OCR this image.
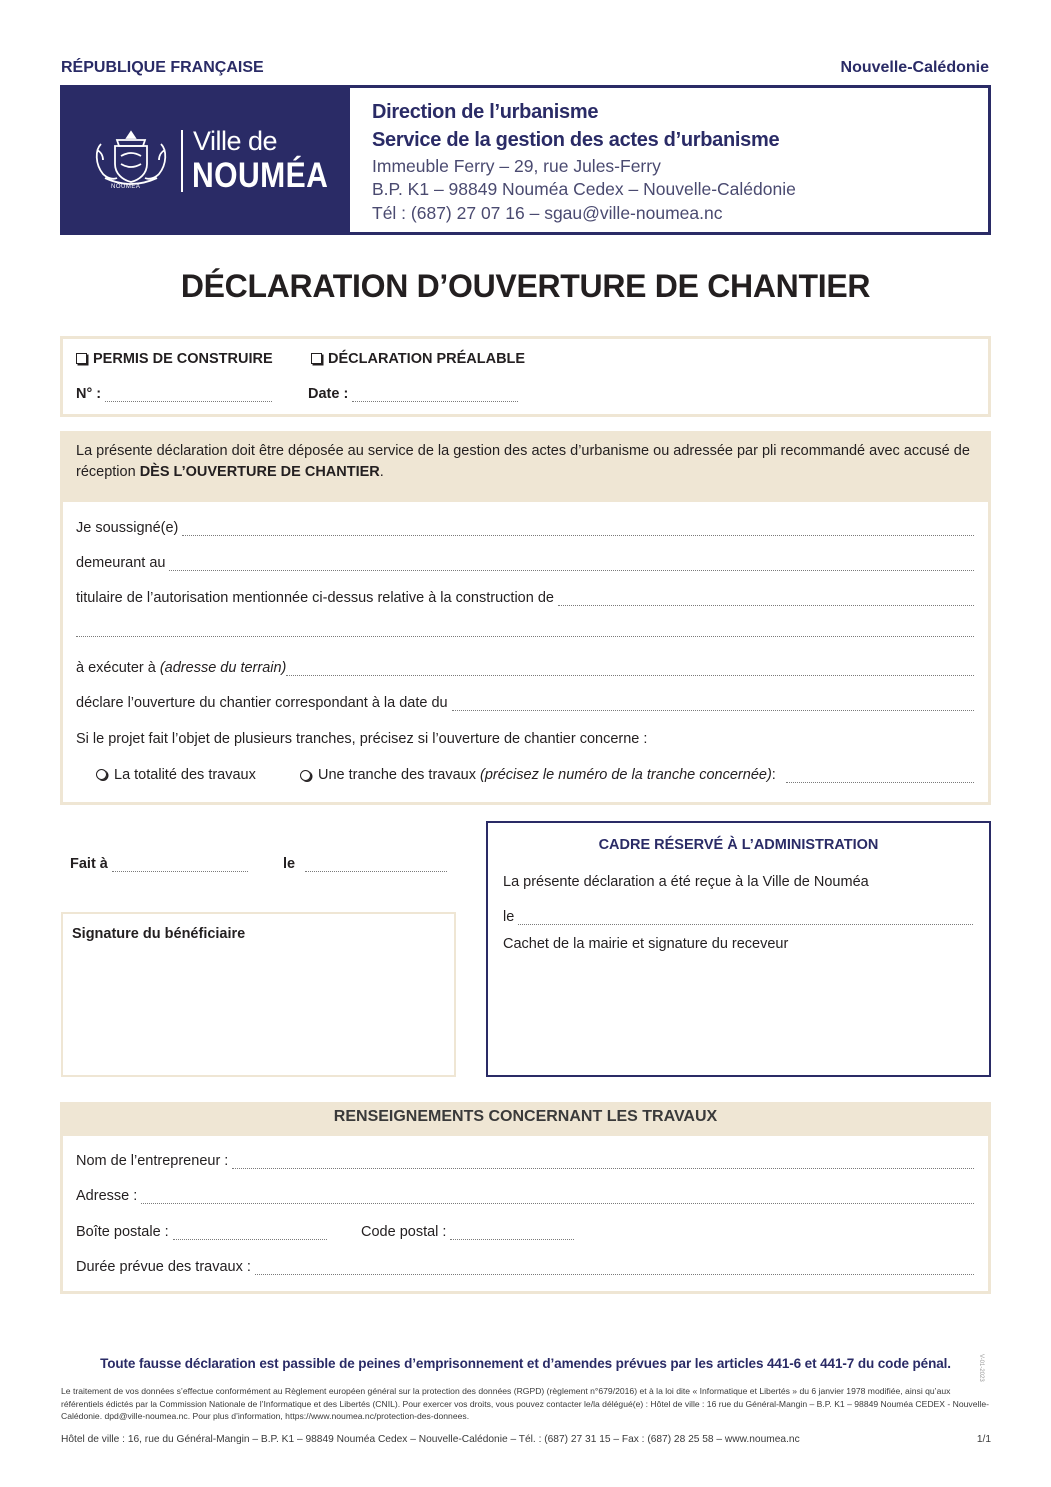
RÉPUBLIQUE FRANÇAISE	Nouvelle-Calédonie
NOUMEA
Ville de
NOUMÉA
Direction de l’urbanisme
Service de la gestion des actes d’urbanisme
Immeuble Ferry – 29, rue Jules-Ferry
B.P. K1 – 98849 Nouméa Cedex – Nouvelle-Calédonie
Tél : (687) 27 07 16 – sgau@ville-noumea.nc
DÉCLARATION D’OUVERTURE DE CHANTIER
PERMIS DE CONSTRUIRE	DÉCLARATION PRÉALABLE
N° :	Date :
La présente déclaration doit être déposée au service de la gestion des actes d’urbanisme ou adressée par pli recommandé avec accusé de réception DÈS L’OUVERTURE DE CHANTIER.
Je soussigné(e)
demeurant au
titulaire de l’autorisation mentionnée ci-dessus relative à la construction de
à exécuter à
(adresse du terrain)
déclare l’ouverture du chantier correspondant à la date du
Si le projet fait l’objet de plusieurs tranches, précisez si l’ouverture de chantier concerne :
La totalité des travaux	Une tranche des travaux
(précisez le numéro de la tranche concernée) :
Fait à	le
Signature du bénéficiaire
CADRE RÉSERVÉ À L’ADMINISTRATION
La présente déclaration a été reçue à la Ville de Nouméa
le
Cachet de la mairie et signature du receveur
RENSEIGNEMENTS CONCERNANT LES TRAVAUX
Nom de l’entrepreneur :
Adresse :
Boîte postale :	Code postal :
Durée prévue des travaux :
Toute fausse déclaration est passible de peines d’emprisonnement et d’amendes prévues par les articles 441-6 et 441-7 du code pénal.	V-01-2023
Le traitement de vos données s’effectue conformément au Règlement européen général sur la protection des données (RGPD) (règlement n°679/2016) et à la loi dite « Informatique et Libertés » du 6 janvier 1978 modifiée, ainsi qu’aux référentiels édictés par la Commission Nationale de l’Informatique et des Libertés (CNIL). Pour exercer vos droits, vous pouvez contacter le/la délégué(e) : Hôtel de ville : 16 rue du Général-Mangin – B.P. K1 – 98849 Nouméa CEDEX - Nouvelle-Calédonie. dpd@ville-noumea.nc. Pour plus d’information, https://www.noumea.nc/protection-des-donnees.
Hôtel de ville : 16, rue du Général-Mangin – B.P. K1 – 98849 Nouméa Cedex – Nouvelle-Calédonie – Tél. : (687) 27 31 15 – Fax : (687) 28 25 58 – www.noumea.nc	1/1
